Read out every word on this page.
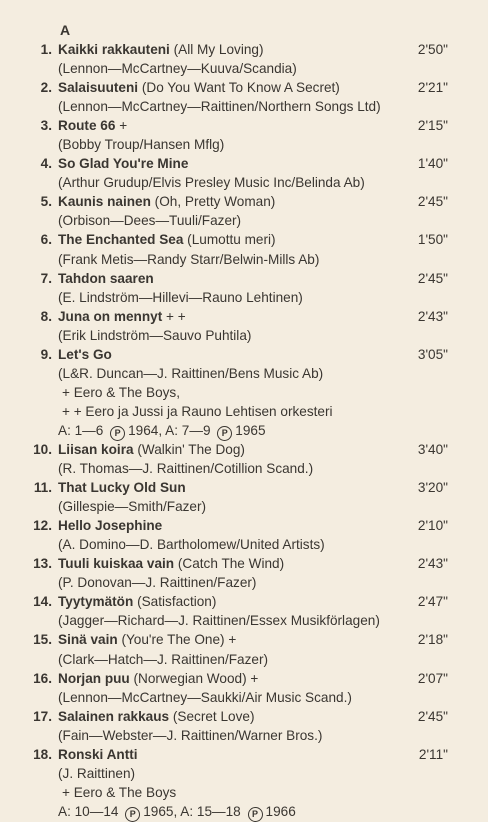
A
1. Kaikki rakkauteni (All My Loving)	2'50"
(Lennon—McCartney—Kuuva/Scandia)
2. Salaisuuteni (Do You Want To Know A Secret)	2'21"
(Lennon—McCartney—Raittinen/Northern Songs Ltd)
3. Route 66 +	2'15"
(Bobby Troup/Hansen Mflg)
4. So Glad You're Mine	1'40"
(Arthur Grudup/Elvis Presley Music Inc/Belinda Ab)
5. Kaunis nainen (Oh, Pretty Woman)	2'45"
(Orbison—Dees—Tuuli/Fazer)
6. The Enchanted Sea (Lumottu meri)	1'50"
(Frank Metis—Randy Starr/Belwin-Mills Ab)
7. Tahdon saaren	2'45"
(E. Lindström—Hillevi—Rauno Lehtinen)
8. Juna on mennyt + +	2'43"
(Erik Lindström—Sauvo Puhtila)
9. Let's Go	3'05"
(L&R. Duncan—J. Raittinen/Bens Music Ab)
+ Eero & The Boys,
+ + Eero ja Jussi ja Rauno Lehtisen orkesteri
A: 1—6 P 1964, A: 7—9 P 1965
10. Liisan koira (Walkin' The Dog)	3'40"
(R. Thomas—J. Raittinen/Cotillion Scand.)
11. That Lucky Old Sun	3'20"
(Gillespie—Smith/Fazer)
12. Hello Josephine	2'10"
(A. Domino—D. Bartholomew/United Artists)
13. Tuuli kuiskaa vain (Catch The Wind)	2'43"
(P. Donovan—J. Raittinen/Fazer)
14. Tyytymätön (Satisfaction)	2'47"
(Jagger—Richard—J. Raittinen/Essex Musikförlagen)
15. Sinä vain (You're The One) +	2'18"
(Clark—Hatch—J. Raittinen/Fazer)
16. Norjan puu (Norwegian Wood) +	2'07"
(Lennon—McCartney—Saukki/Air Music Scand.)
17. Salainen rakkaus (Secret Love)	2'45"
(Fain—Webster—J. Raittinen/Warner Bros.)
18. Ronski Antti	2'11"
(J. Raittinen)
+ Eero & The Boys
A: 10—14 P 1965, A: 15—18 P 1966
